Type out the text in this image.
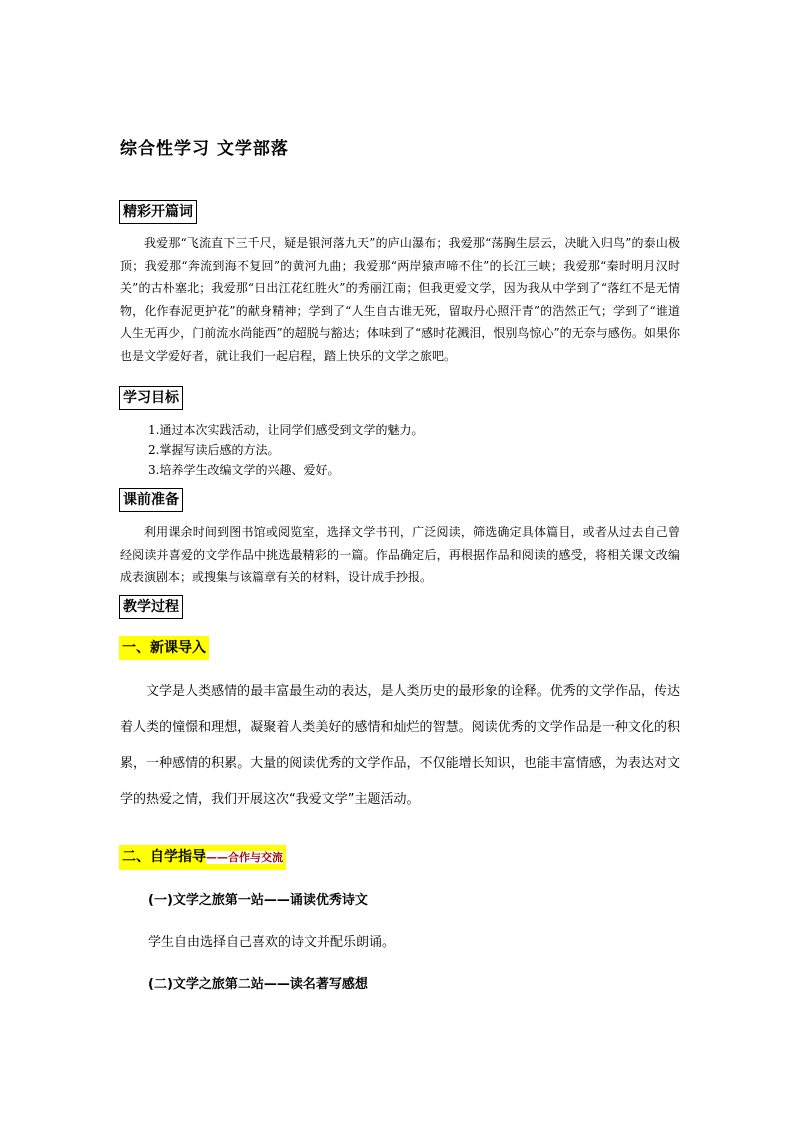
综合性学习 文学部落
精彩开篇词
我爱那“飞流直下三千尺，疑是银河落九天”的庐山瀑布；我爱那“荡胸生层云，决眦入归鸟”的泰山极顶；我爱那“奔流到海不复回”的黄河九曲；我爱那“两岸猿声啼不住”的长江三峡；我爱那“秦时明月汉时关”的古朴塞北；我爱那“日出江花红胜火”的秀丽江南；但我更爱文学，因为我从中学到了“落红不是无情物，化作春泥更护花”的献身精神；学到了“人生自古谁无死，留取丹心照汗青”的浩然正气；学到了“谁道人生无再少，门前流水尚能西”的超脱与豁达；体味到了“感时花溅泪，恨别鸟惊心”的无奈与感伤。如果你也是文学爱好者，就让我们一起启程，踏上快乐的文学之旅吧。
学习目标
1.通过本次实践活动，让同学们感受到文学的魅力。
2.掌握写读后感的方法。
3.培养学生改编文学的兴趣、爱好。
课前准备
利用课余时间到图书馆或阅览室，选择文学书刊，广泛阅读，筛选确定具体篇目，或者从过去自己曾经阅读并喜爱的文学作品中挑选最精彩的一篇。作品确定后，再根据作品和阅读的感受，将相关课文改编成表演剧本；或搜集与该篇章有关的材料，设计成手抄报。
教学过程
一、新课导入
文学是人类感情的最丰富最生动的表达，是人类历史的最形象的诠释。优秀的文学作品，传达着人类的憧憬和理想，凝聚着人类美好的感情和灿烂的智慧。阅读优秀的文学作品是一种文化的积累，一种感情的积累。大量的阅读优秀的文学作品，不仅能增长知识，也能丰富情感，为表达对文学的热爱之情，我们开展这次“我爱文学”主题活动。
二、自学指导——合作与交流
(一)文学之旅第一站——诵读优秀诗文
学生自由选择自己喜欢的诗文并配乐朗诵。
(二)文学之旅第二站——读名著写感想
